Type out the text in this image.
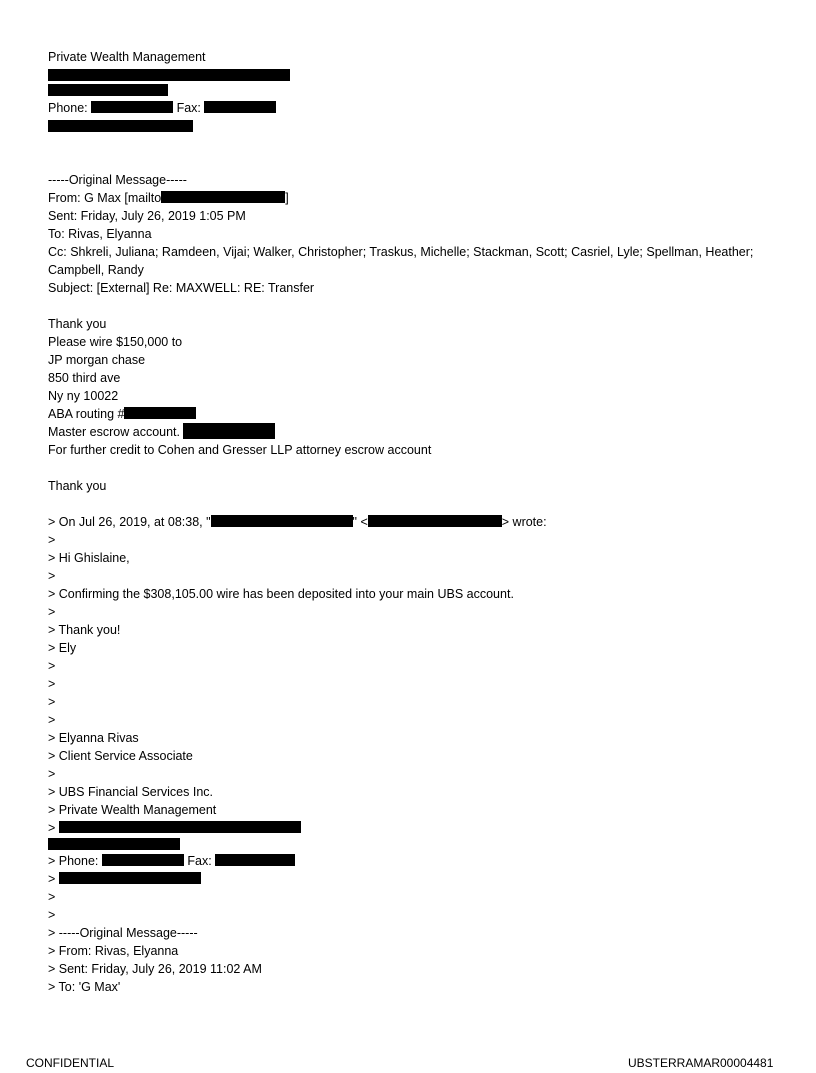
Private Wealth Management
Phone:	Fax:
-----Original Message-----
From: G Max [mailto	]
Sent: Friday, July 26, 2019 1:05 PM
To: Rivas, Elyanna
Cc: Shkreli, Juliana; Ramdeen, Vijai; Walker, Christopher; Traskus, Michelle; Stackman, Scott; Casriel, Lyle; Spellman, Heather; Campbell, Randy
Subject: [External] Re: MAXWELL: RE: Transfer
Thank you
Please wire $150,000 to
JP morgan chase
850 third ave
Ny ny 10022
ABA routing #
Master escrow account.
For further credit to Cohen and Gresser LLP attorney escrow account
Thank you
> On Jul 26, 2019, at 08:38, "	" <	> wrote:
>
> Hi Ghislaine,
>
> Confirming the $308,105.00 wire has been deposited into your main UBS account.
>
> Thank you!
> Ely
>
>
>
>
> Elyanna Rivas
> Client Service Associate
>
> UBS Financial Services Inc.
> Private Wealth Management
>
> Phone:	Fax:
>
>
>
> -----Original Message-----
> From: Rivas, Elyanna
> Sent: Friday, July 26, 2019 11:02 AM
> To: 'G Max'
CONFIDENTIAL	UBSTERRAMAR00004481
